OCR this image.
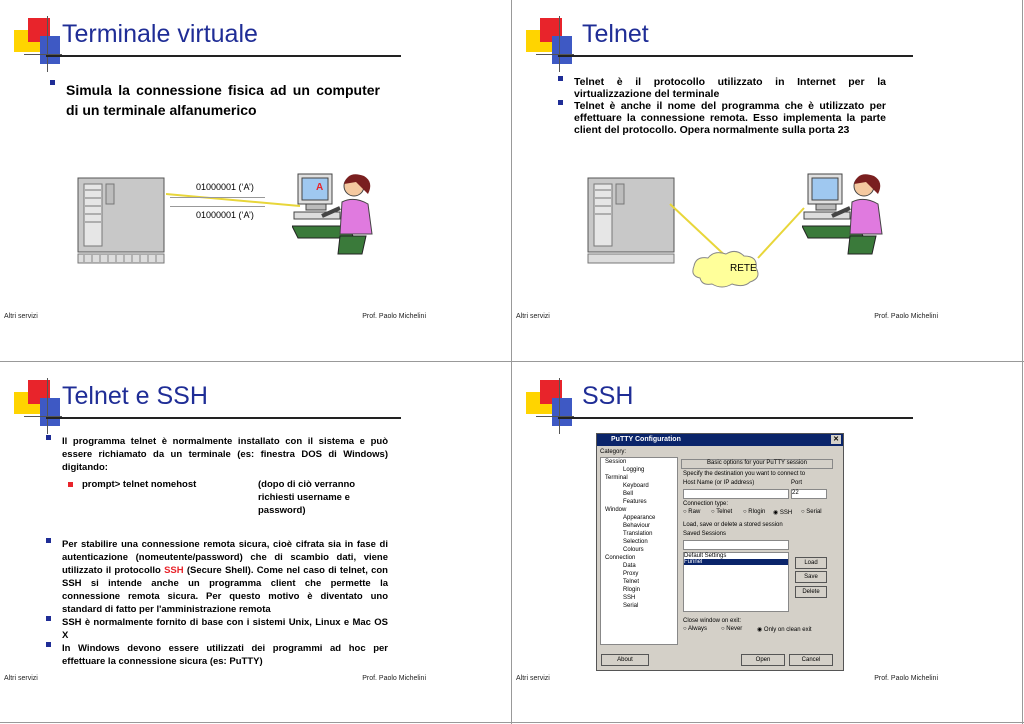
Terminale virtuale
Simula la connessione fisica ad un computer di un terminale alfanumerico
01000001 (‘A’)
01000001 (‘A’)
A
Altri servizi	Prof. Paolo Michelini
Telnet
Telnet è il protocollo utilizzato in Internet per la virtualizzazione del terminale
Telnet è anche il nome del programma che è utilizzato per effettuare la connessione remota. Esso implementa la parte client del protocollo. Opera normalmente sulla porta 23
RETE
Altri servizi	Prof. Paolo Michelini
Telnet e SSH
Il programma telnet è normalmente installato con il sistema e può essere richiamato da un terminale (es: finestra DOS di Windows) digitando:
prompt> telnet nomehost	(dopo di ciò verranno richiesti username e password)
Per stabilire una connessione remota sicura, cioè cifrata sia in fase di autenticazione (nomeutente/password) che di scambio dati, viene utilizzato il protocollo SSH (Secure Shell). Come nel caso di telnet, con SSH si intende anche un programma client che permette la connessione remota sicura. Per questo motivo è diventato uno standard di fatto per l'amministrazione remota
SSH è normalmente fornito di base con i sistemi Unix, Linux e Mac OS X
In Windows devono essere utilizzati dei programmi ad hoc per effettuare la connessione sicura (es: PuTTY)
Altri servizi	Prof. Paolo Michelini
SSH
PuTTY Configuration	✕
Category:
Session
Logging
Terminal
Keyboard
Bell
Features
Window
Appearance
Behaviour
Translation
Selection
Colours
Connection
Data
Proxy
Telnet
Rlogin
SSH
Serial
Basic options for your PuTTY session
Specify the destination you want to connect to
Host Name (or IP address)	Port
22
Connection type:
○ Raw ○ Telnet ○ Rlogin ◉ SSH ○ Serial
Load, save or delete a stored session
Saved Sessions
Default Settings
Funnel	Load
Save
Delete
Close window on exit:
○ Always ○ Never ◉ Only on clean exit
About	Open	Cancel
Altri servizi	Prof. Paolo Michelini
